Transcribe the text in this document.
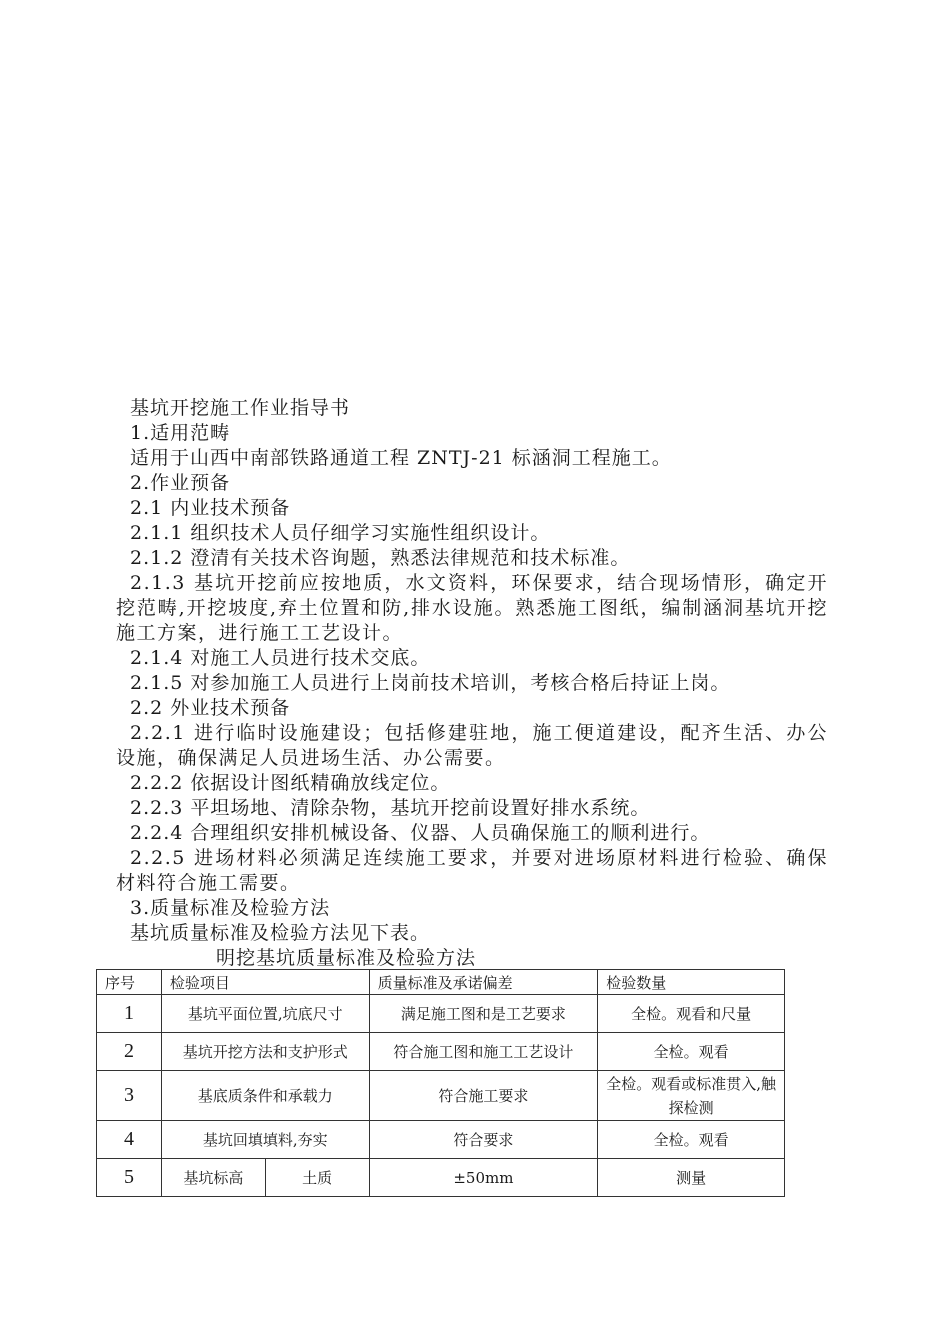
基坑开挖施工作业指导书
1.适用范畴
适用于山西中南部铁路通道工程 ZNTJ-21 标涵洞工程施工。
2.作业预备
2.1 内业技术预备
2.1.1 组织技术人员仔细学习实施性组织设计。
2.1.2 澄清有关技术咨询题，熟悉法律规范和技术标准。
2.1.3 基坑开挖前应按地质，水文资料，环保要求，结合现场情形，确定开挖范畴,开挖坡度,弃土位置和防,排水设施。熟悉施工图纸，编制涵洞基坑开挖施工方案，进行施工工艺设计。
2.1.4 对施工人员进行技术交底。
2.1.5 对参加施工人员进行上岗前技术培训，考核合格后持证上岗。
2.2 外业技术预备
2.2.1 进行临时设施建设；包括修建驻地，施工便道建设，配齐生活、办公设施，确保满足人员进场生活、办公需要。
2.2.2 依据设计图纸精确放线定位。
2.2.3 平坦场地、清除杂物，基坑开挖前设置好排水系统。
2.2.4 合理组织安排机械设备、仪器、人员确保施工的顺利进行。
2.2.5 进场材料必须满足连续施工要求，并要对进场原材料进行检验、确保材料符合施工需要。
3.质量标准及检验方法
基坑质量标准及检验方法见下表。
明挖基坑质量标准及检验方法
序号	检验项目		质量标准及承诺偏差	检验数量
1	基坑平面位置,坑底尺寸		满足施工图和是工艺要求	全检。观看和尺量
2	基坑开挖方法和支护形式		符合施工图和施工工艺设计	全检。观看
3	基底质条件和承载力		符合施工要求	全检。观看或标准贯入,触探检测
4	基坑回填填料,夯实		符合要求	全检。观看
5	基坑标高	土质	±50mm	测量
